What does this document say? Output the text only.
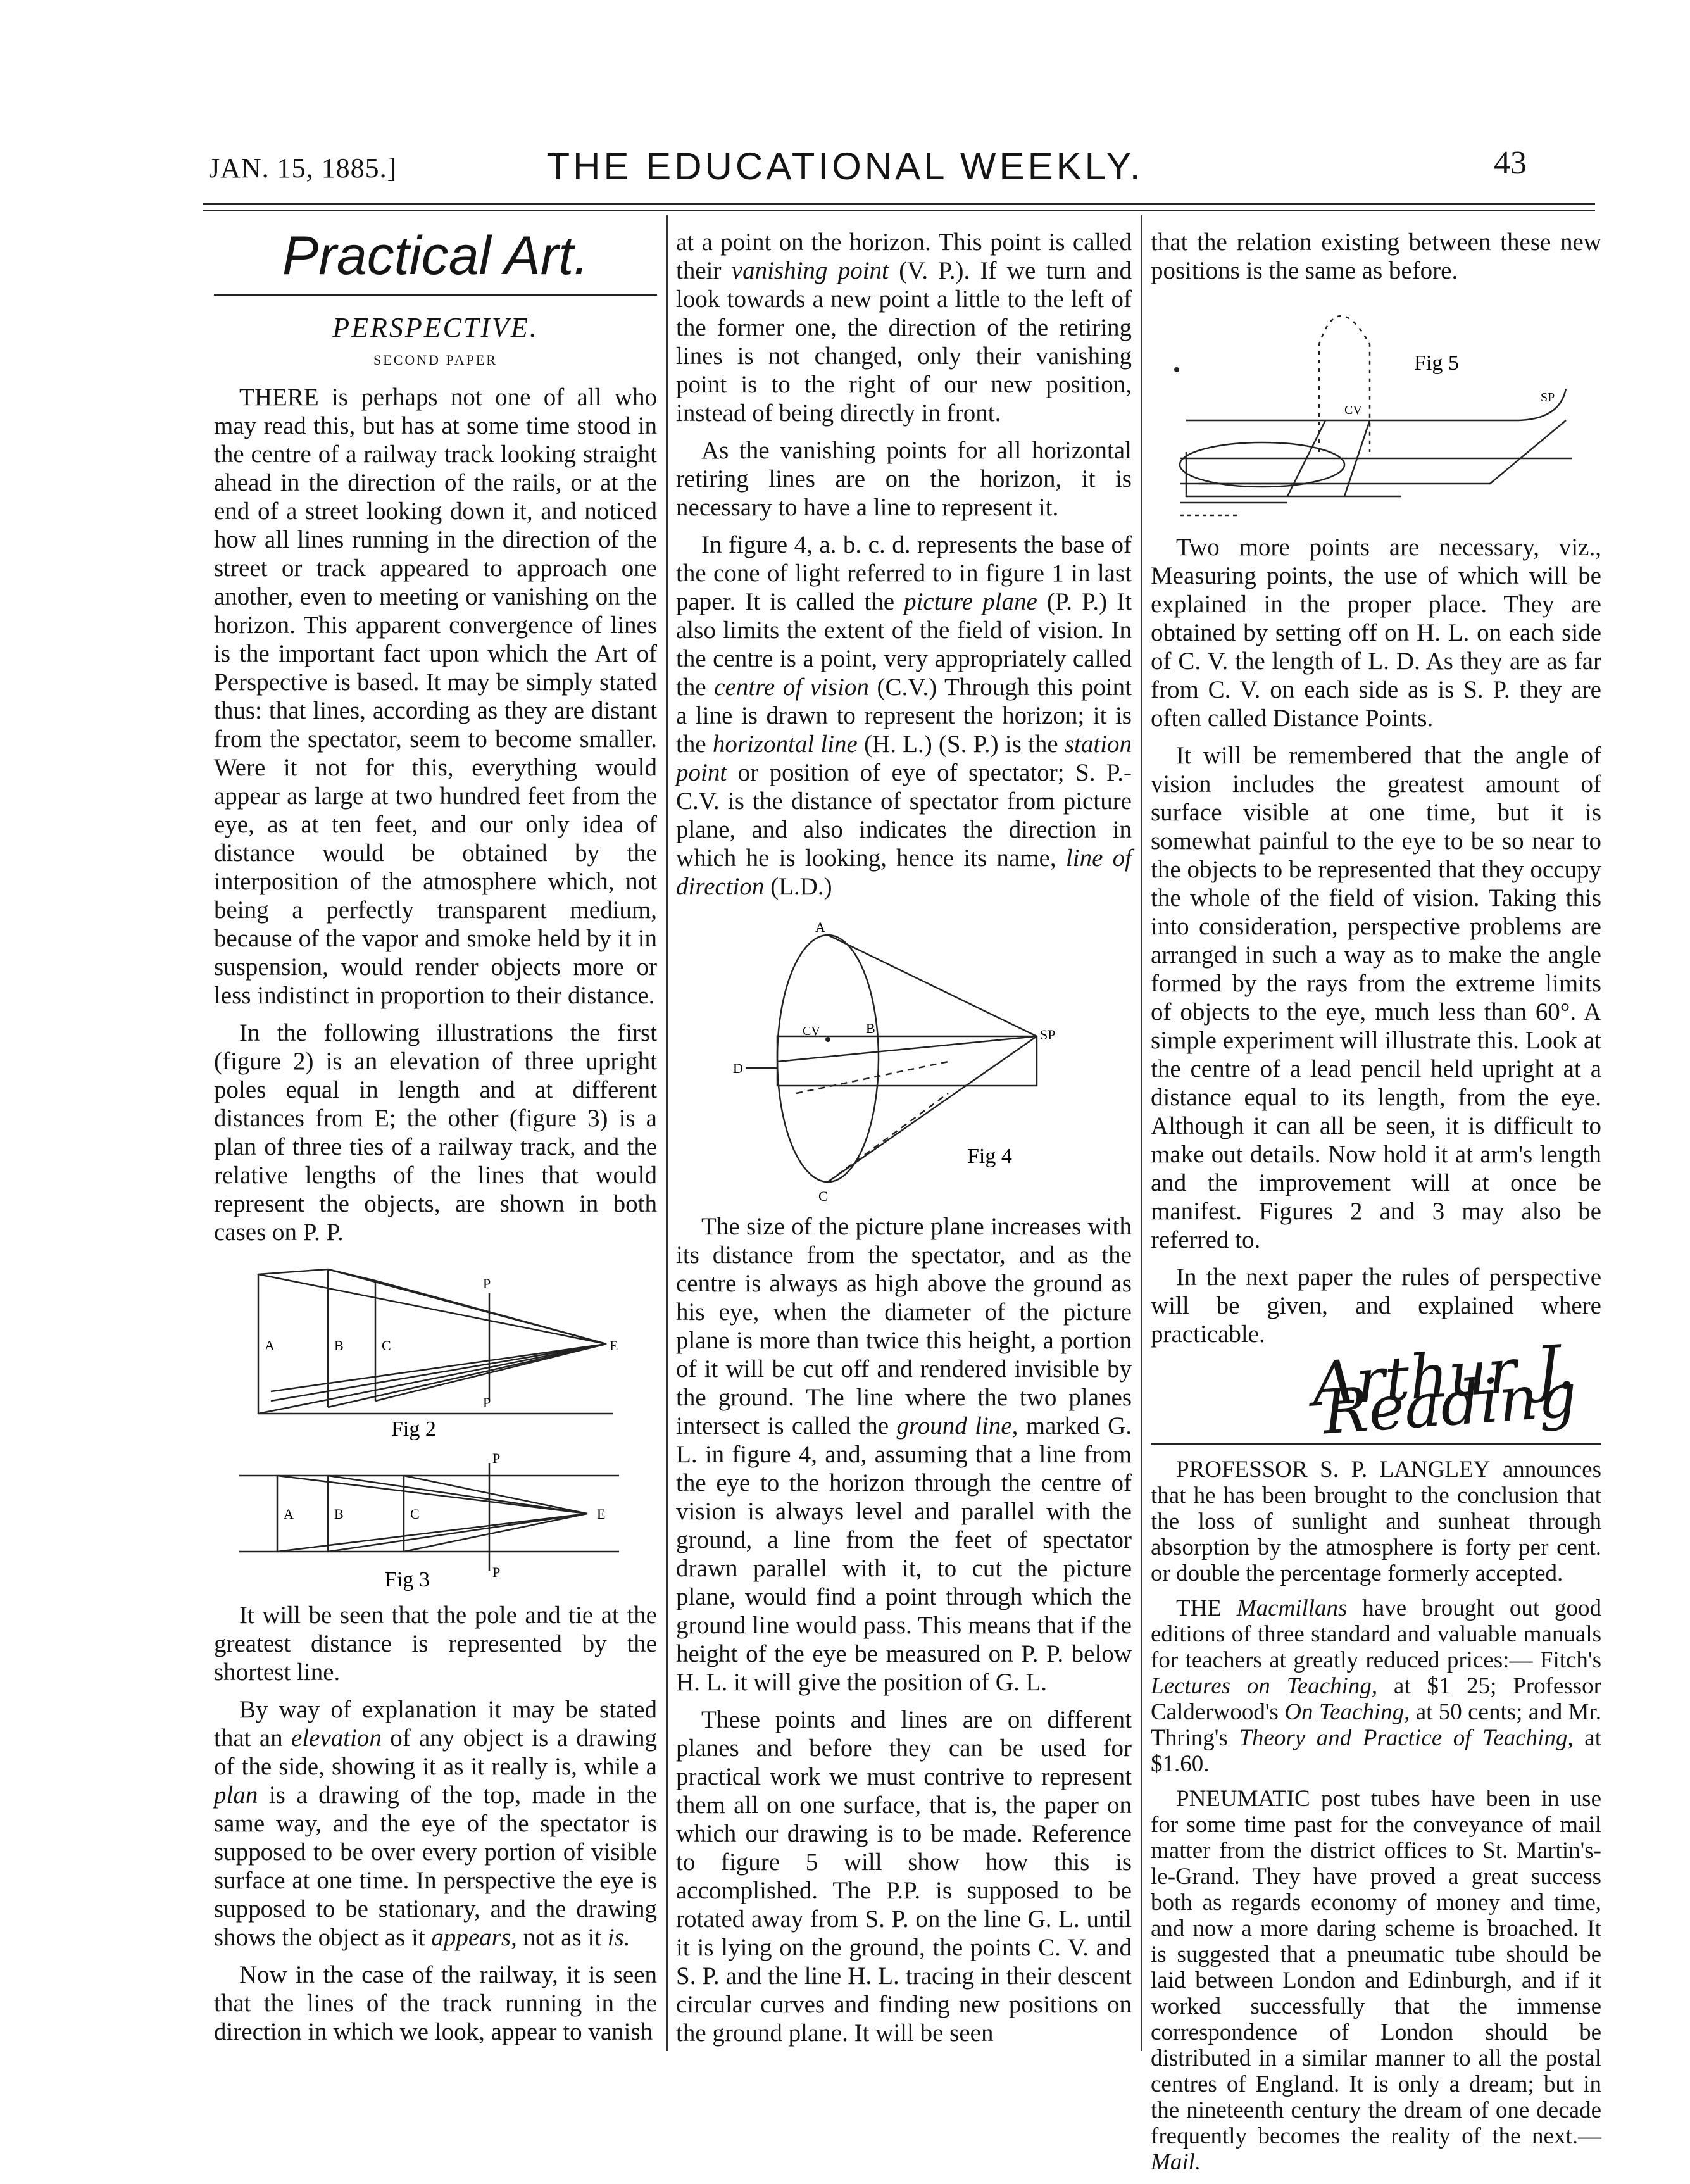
JAN. 15, 1885.]	THE EDUCATIONAL WEEKLY.	43
Practical Art.
PERSPECTIVE.
SECOND PAPER

THERE is perhaps not one of all who may read this, but has at some time stood in the centre of a railway track looking straight ahead in the direction of the rails, or at the end of a street looking down it, and noticed how all lines running in the direction of the street or track appeared to approach one another, even to meeting or vanishing on the horizon. This apparent convergence of lines is the important fact upon which the Art of Perspective is based. It may be simply stated thus: that lines, according as they are distant from the spectator, seem to become smaller. Were it not for this, everything would appear as large at two hundred feet from the eye, as at ten feet, and our only idea of distance would be obtained by the interposition of the atmosphere which, not being a perfectly transparent medium, because of the vapor and smoke held by it in suspension, would render objects more or less indistinct in proportion to their distance.

In the following illustrations the first (figure 2) is an elevation of three upright poles equal in length and at different distances from E; the other (figure 3) is a plan of three ties of a railway track, and the relative lengths of the lines that would represent the objects, are shown in both cases on P. P.

A	B	C	E
P
P
Fig 2
A	B	C	E
P
P
Fig 3

It will be seen that the pole and tie at the greatest distance is represented by the shortest line.

By way of explanation it may be stated that an elevation of any object is a drawing of the side, showing it as it really is, while a plan is a drawing of the top, made in the same way, and the eye of the spectator is supposed to be over every portion of visible surface at one time. In perspective the eye is supposed to be stationary, and the drawing shows the object as it appears, not as it is.

Now in the case of the railway, it is seen that the lines of the track running in the direction in which we look, appear to vanish

at a point on the horizon. This point is called their vanishing point (V. P.). If we turn and look towards a new point a little to the left of the former one, the direction of the retiring lines is not changed, only their vanishing point is to the right of our new position, instead of being directly in front.

As the vanishing points for all horizontal retiring lines are on the horizon, it is necessary to have a line to represent it.

In figure 4, a. b. c. d. represents the base of the cone of light referred to in figure 1 in last paper. It is called the picture plane (P. P.) It also limits the extent of the field of vision. In the centre is a point, very appropriately called the centre of vision (C.V.) Through this point a line is drawn to represent the horizon; it is the horizontal line (H. L.) (S. P.) is the station point or position of eye of spectator; S. P.-C.V. is the distance of spectator from picture plane, and also indicates the direction in which he is looking, hence its name, line of direction (L.D.)

A
B
C
D
CV	SP
Fig 4

The size of the picture plane increases with its distance from the spectator, and as the centre is always as high above the ground as his eye, when the diameter of the picture plane is more than twice this height, a portion of it will be cut off and rendered invisible by the ground. The line where the two planes intersect is called the ground line, marked G. L. in figure 4, and, assuming that a line from the eye to the horizon through the centre of vision is always level and parallel with the ground, a line from the feet of spectator drawn parallel with it, to cut the picture plane, would find a point through which the ground line would pass. This means that if the height of the eye be measured on P. P. below H. L. it will give the position of G. L.

These points and lines are on different planes and before they can be used for practical work we must contrive to represent them all on one surface, that is, the paper on which our drawing is to be made. Reference to figure 5 will show how this is accomplished. The P.P. is supposed to be rotated away from S. P. on the line G. L. until it is lying on the ground, the points C. V. and S. P. and the line H. L. tracing in their descent circular curves and finding new positions on the ground plane. It will be seen

that the relation existing between these new positions is the same as before.

CV
SP
Fig 5

Two more points are necessary, viz., Measuring points, the use of which will be explained in the proper place. They are obtained by setting off on H. L. on each side of C. V. the length of L. D. As they are as far from C. V. on each side as is S. P. they are often called Distance Points.

It will be remembered that the angle of vision includes the greatest amount of surface visible at one time, but it is somewhat painful to the eye to be so near to the objects to be represented that they occupy the whole of the field of vision. Taking this into consideration, perspective problems are arranged in such a way as to make the angle formed by the rays from the extreme limits of objects to the eye, much less than 60°. A simple experiment will illustrate this. Look at the centre of a lead pencil held upright at a distance equal to its length, from the eye. Although it can all be seen, it is difficult to make out details. Now hold it at arm's length and the improvement will at once be manifest. Figures 2 and 3 may also be referred to.

In the next paper the rules of perspective will be given, and explained where practicable. Arthur J. Reading

PROFESSOR S. P. LANGLEY announces that he has been brought to the conclusion that the loss of sunlight and sunheat through absorption by the atmosphere is forty per cent. or double the percentage formerly accepted.

THE Macmillans have brought out good editions of three standard and valuable manuals for teachers at greatly reduced prices:— Fitch's Lectures on Teaching, at $1 25; Professor Calderwood's On Teaching, at 50 cents; and Mr. Thring's Theory and Practice of Teaching, at $1.60.

PNEUMATIC post tubes have been in use for some time past for the conveyance of mail matter from the district offices to St. Martin's-le-Grand. They have proved a great success both as regards economy of money and time, and now a more daring scheme is broached. It is suggested that a pneumatic tube should be laid between London and Edinburgh, and if it worked successfully that the immense correspondence of London should be distributed in a similar manner to all the postal centres of England. It is only a dream; but in the nineteenth century the dream of one decade frequently becomes the reality of the next.—Mail.
